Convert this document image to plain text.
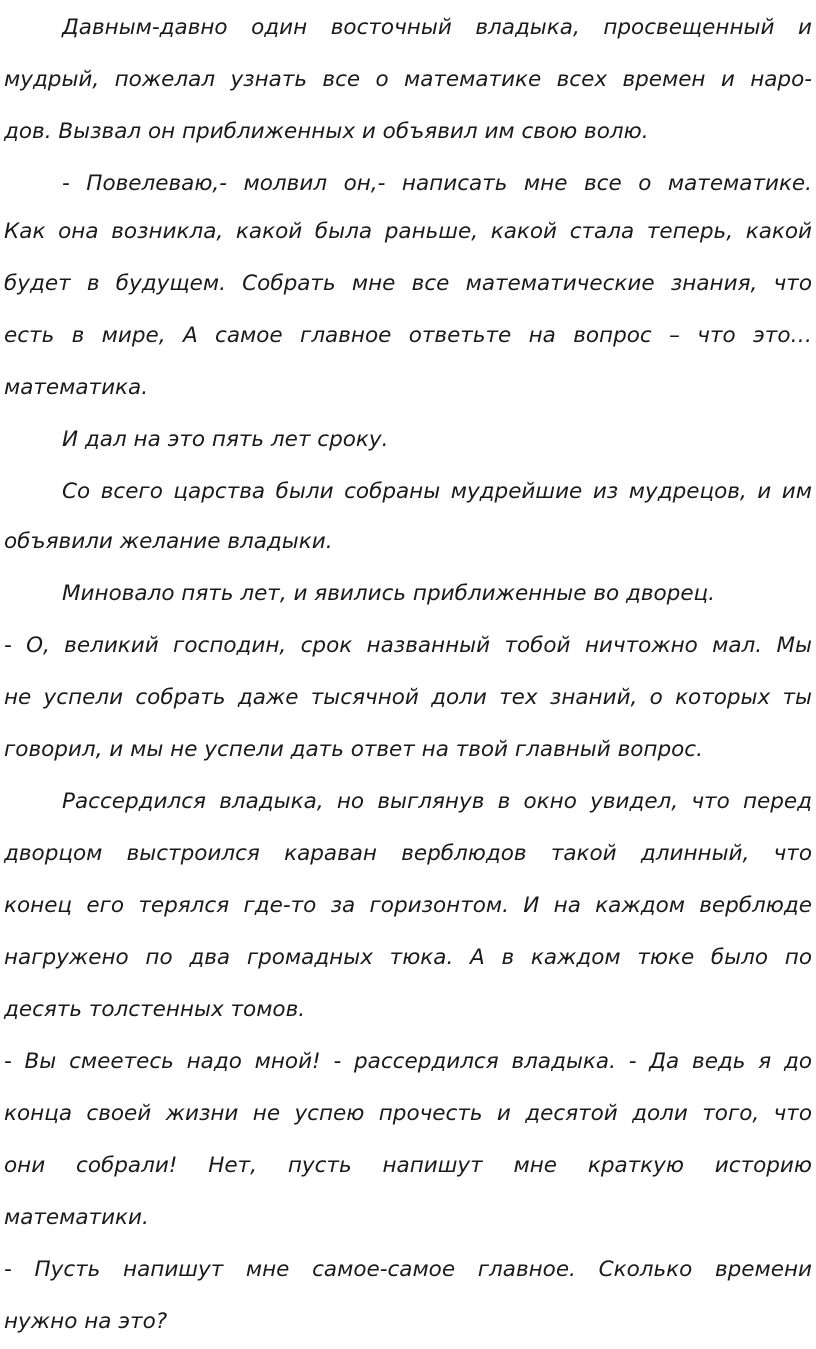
Давным-давно один восточный владыка, просвещенный и
мудрый, пожелал узнать все о математике всех времен и наро-
дов. Вызвал он приближенных и объявил им свою волю.
- Повелеваю,- молвил он,- написать мне все о математике.
Как она возникла, какой была раньше, какой стала теперь, какой
будет в будущем. Собрать мне все математические знания, что
есть в мире, А самое главное ответьте на вопрос – что это…
математика.
И дал на это пять лет сроку.
Со всего царства были собраны мудрейшие из мудрецов, и им
объявили желание владыки.
Миновало пять лет, и явились приближенные во дворец.
- О, великий господин, срок названный тобой ничтожно мал. Мы
не успели собрать даже тысячной доли тех знаний, о которых ты
говорил, и мы не успели дать ответ на твой главный вопрос.
Рассердился владыка, но выглянув в окно увидел, что перед
дворцом выстроился караван верблюдов такой длинный, что
конец его терялся где-то за горизонтом. И на каждом верблюде
нагружено по два громадных тюка. А в каждом тюке было по
десять толстенных томов.
- Вы смеетесь надо мной! - рассердился владыка. - Да ведь я до
конца своей жизни не успею прочесть и десятой доли того, что
они собрали! Нет, пусть напишут мне краткую историю
математики.
- Пусть напишут мне самое-самое главное. Сколько времени
нужно на это?
